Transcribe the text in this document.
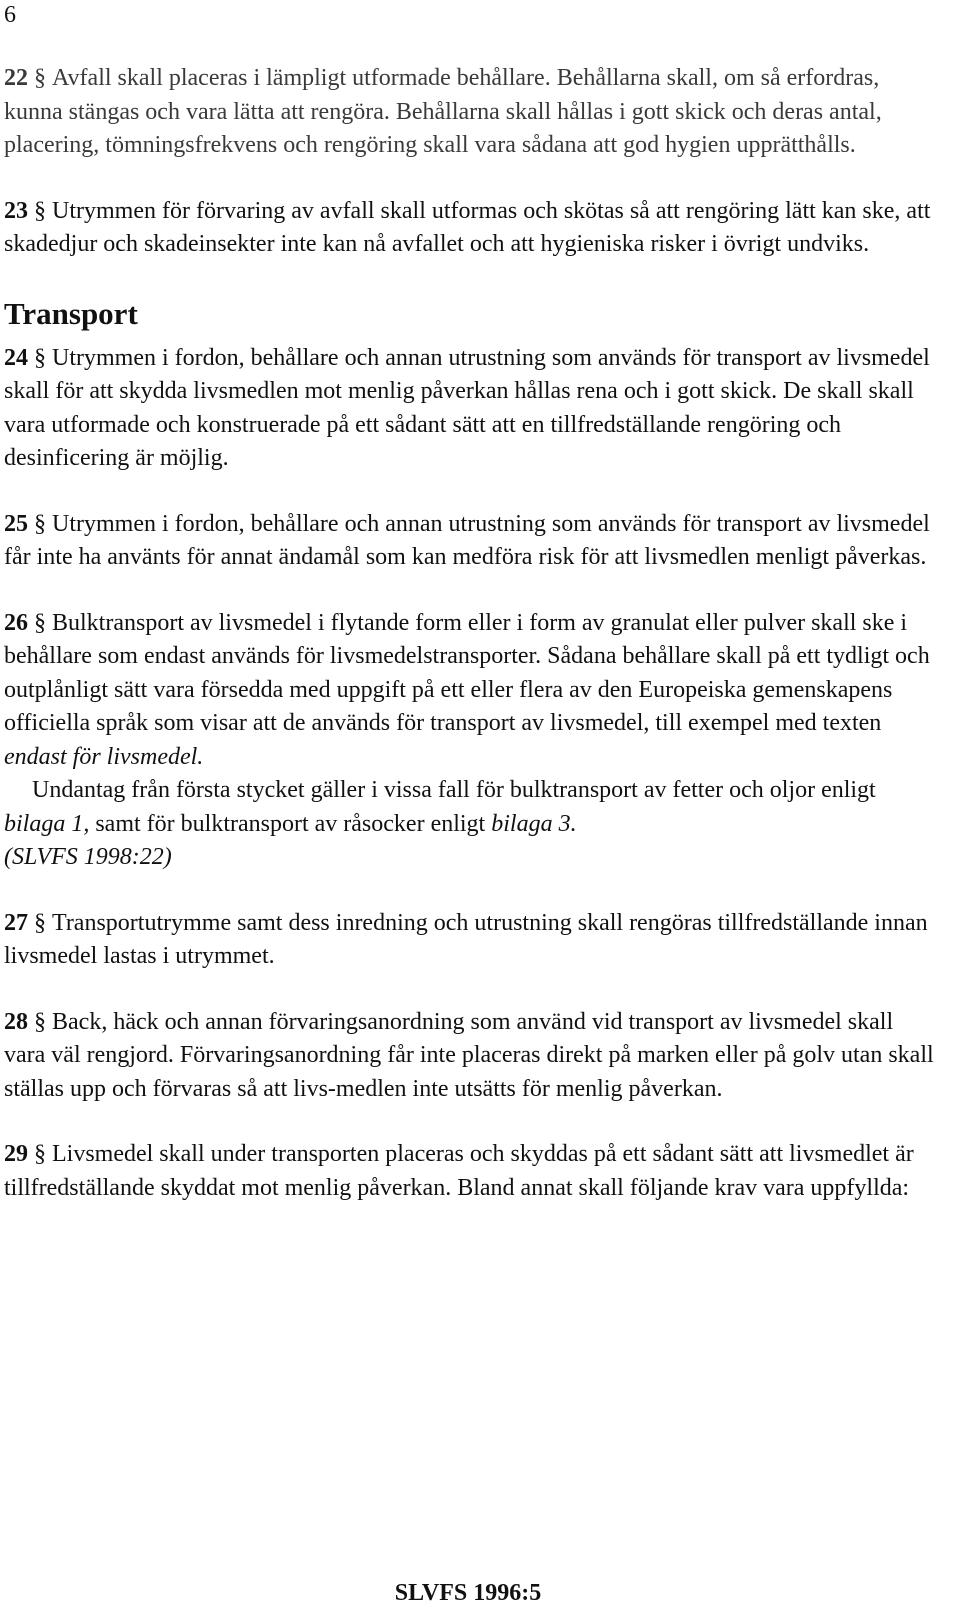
6

22 § Avfall skall placeras i lämpligt utformade behållare. Behållarna skall, om så erfordras, kunna stängas och vara lätta att rengöra. Behållarna skall hållas i gott skick och deras antal, placering, tömningsfrekvens och rengöring skall vara sådana att god hygien upprätthålls.

23 § Utrymmen för förvaring av avfall skall utformas och skötas så att rengöring lätt kan ske, att skadedjur och skadeinsekter inte kan nå avfallet och att hygieniska risker i övrigt undviks.

Transport

24 § Utrymmen i fordon, behållare och annan utrustning som används för transport av livsmedel skall för att skydda livsmedlen mot menlig påverkan hållas rena och i gott skick. De skall skall vara utformade och konstruerade på ett sådant sätt att en tillfredställande rengöring och desinficering är möjlig.

25 § Utrymmen i fordon, behållare och annan utrustning som används för transport av livsmedel får inte ha använts för annat ändamål som kan medföra risk för att livsmedlen menligt påverkas.

26 § Bulktransport av livsmedel i flytande form eller i form av granulat eller pulver skall ske i behållare som endast används för livsmedelstransporter. Sådana behållare skall på ett tydligt och outplånligt sätt vara försedda med uppgift på ett eller flera av den Europeiska gemenskapens officiella språk som visar att de används för transport av livsmedel, till exempel med texten endast för livsmedel.
Undantag från första stycket gäller i vissa fall för bulktransport av fetter och oljor enligt bilaga 1, samt för bulktransport av råsocker enligt bilaga 3.
(SLVFS 1998:22)

27 § Transportutrymme samt dess inredning och utrustning skall rengöras tillfredställande innan livsmedel lastas i utrymmet.

28 § Back, häck och annan förvaringsanordning som använd vid transport av livsmedel skall vara väl rengjord. Förvaringsanordning får inte placeras direkt på marken eller på golv utan skall ställas upp och förvaras så att livs-medlen inte utsätts för menlig påverkan.

29 § Livsmedel skall under transporten placeras och skyddas på ett sådant sätt att livsmedlet är tillfredställande skyddat mot menlig påverkan. Bland annat skall följande krav vara uppfyllda:

SLVFS 1996:5
